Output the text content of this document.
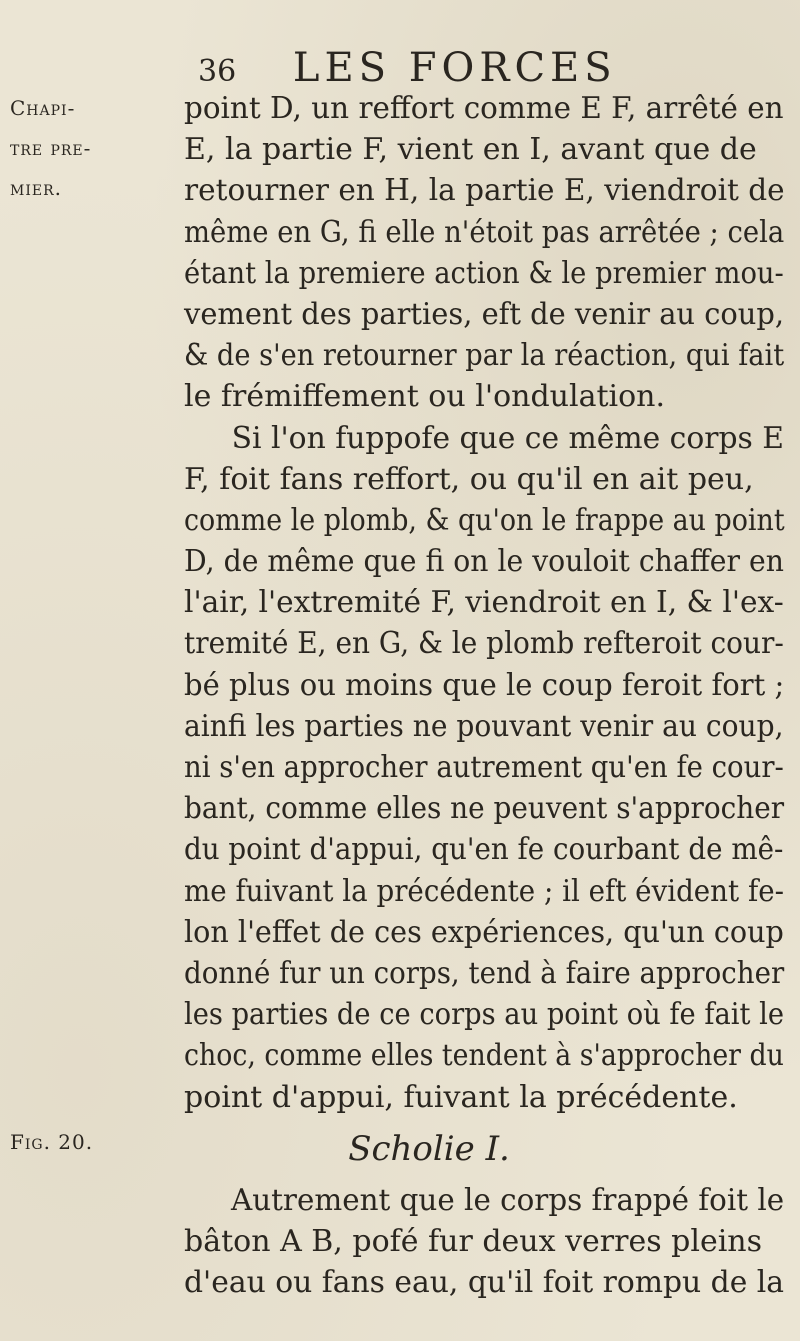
36 LES FORCES
Chapi-
tre pre-
mier.
Fig. 20.
point D, un reffort comme E F, arrêté en
E, la partie F, vient en I, avant que de
retourner en H, la partie E, viendroit de
même en G, fi elle n'étoit pas arrêtée ; cela
étant la premiere action & le premier mou-
vement des parties, eft de venir au coup,
& de s'en retourner par la réaction, qui fait
le frémiffement ou l'ondulation.
Si l'on fuppofe que ce même corps E
F, foit fans reffort, ou qu'il en ait peu,
comme le plomb, & qu'on le frappe au point
D, de même que fi on le vouloit chaffer en
l'air, l'extremité F, viendroit en I, & l'ex-
tremité E, en G, & le plomb refteroit cour-
bé plus ou moins que le coup feroit fort ;
ainfi les parties ne pouvant venir au coup,
ni s'en approcher autrement qu'en fe cour-
bant, comme elles ne peuvent s'approcher
du point d'appui, qu'en fe courbant de mê-
me fuivant la précédente ; il eft évident fe-
lon l'effet de ces expériences, qu'un coup
donné fur un corps, tend à faire approcher
les parties de ce corps au point où fe fait le
choc, comme elles tendent à s'approcher du
point d'appui, fuivant la précédente.
Scholie I.
Autrement que le corps frappé foit le
bâton A B, pofé fur deux verres pleins
d'eau ou fans eau, qu'il foit rompu de la
